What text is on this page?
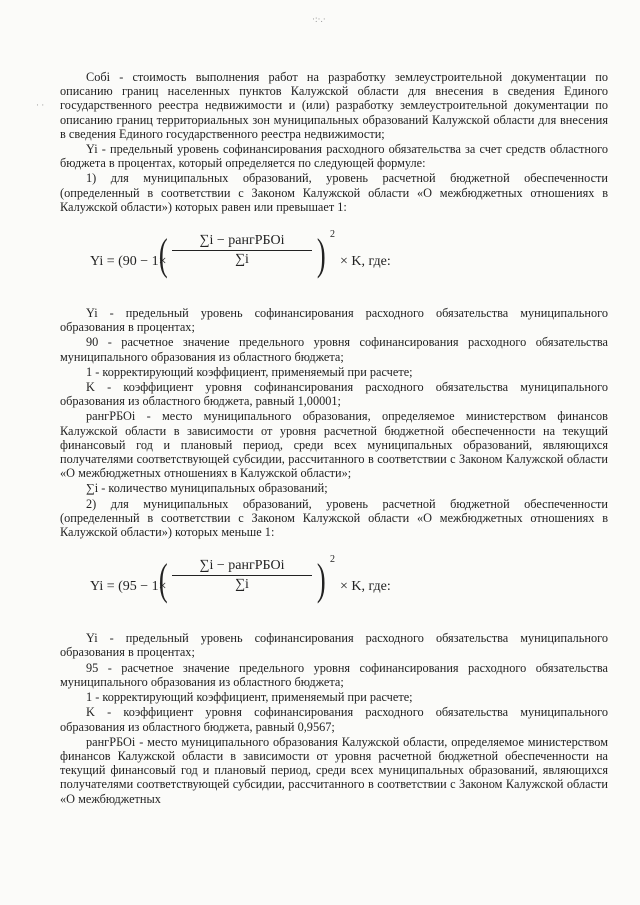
·:·.·
· ·

Собі - стоимость выполнения работ на разработку землеустроительной документации по описанию границ населенных пунктов Калужской области для внесения в сведения Единого государственного реестра недвижимости и (или) разработку землеустроительной документации по описанию границ территориальных зон муниципальных образований Калужской области для внесения в сведения Единого государственного реестра недвижимости;

Yi - предельный уровень софинансирования расходного обязательства за счет средств областного бюджета в процентах, который определяется по следующей формуле:

1) для муниципальных образований, уровень расчетной бюджетной обеспеченности (определенный в соответствии с Законом Калужской области «О межбюджетных отношениях в Калужской области») которых равен или превышает 1:

Yi = (90 − 1×
(	∑i − рангРБОi
∑i	) 2
× K, где:

Yi - предельный уровень софинансирования расходного обязательства муниципального образования в процентах;

90 - расчетное значение предельного уровня софинансирования расходного обязательства муниципального образования из областного бюджета;

1 - корректирующий коэффициент, применяемый при расчете;

K - коэффициент уровня софинансирования расходного обязательства муниципального образования из областного бюджета, равный 1,00001;

рангРБОi - место муниципального образования, определяемое министерством финансов Калужской области в зависимости от уровня расчетной бюджетной обеспеченности на текущий финансовый год и плановый период, среди всех муниципальных образований, являющихся получателями соответствующей субсидии, рассчитанного в соответствии с Законом Калужской области «О межбюджетных отношениях в Калужской области»;

∑i - количество муниципальных образований;

2) для муниципальных образований, уровень расчетной бюджетной обеспеченности (определенный в соответствии с Законом Калужской области «О межбюджетных отношениях в Калужской области») которых меньше 1:

Yi = (95 − 1×
(	∑i − рангРБОi
∑i	) 2
× K, где:

Yi - предельный уровень софинансирования расходного обязательства муниципального образования в процентах;

95 - расчетное значение предельного уровня софинансирования расходного обязательства муниципального образования из областного бюджета;

1 - корректирующий коэффициент, применяемый при расчете;

K - коэффициент уровня софинансирования расходного обязательства муниципального образования из областного бюджета, равный 0,9567;

рангРБОi - место муниципального образования Калужской области, определяемое министерством финансов Калужской области в зависимости от уровня расчетной бюджетной обеспеченности на текущий финансовый год и плановый период, среди всех муниципальных образований, являющихся получателями соответствующей субсидии, рассчитанного в соответствии с Законом Калужской области «О межбюджетных
